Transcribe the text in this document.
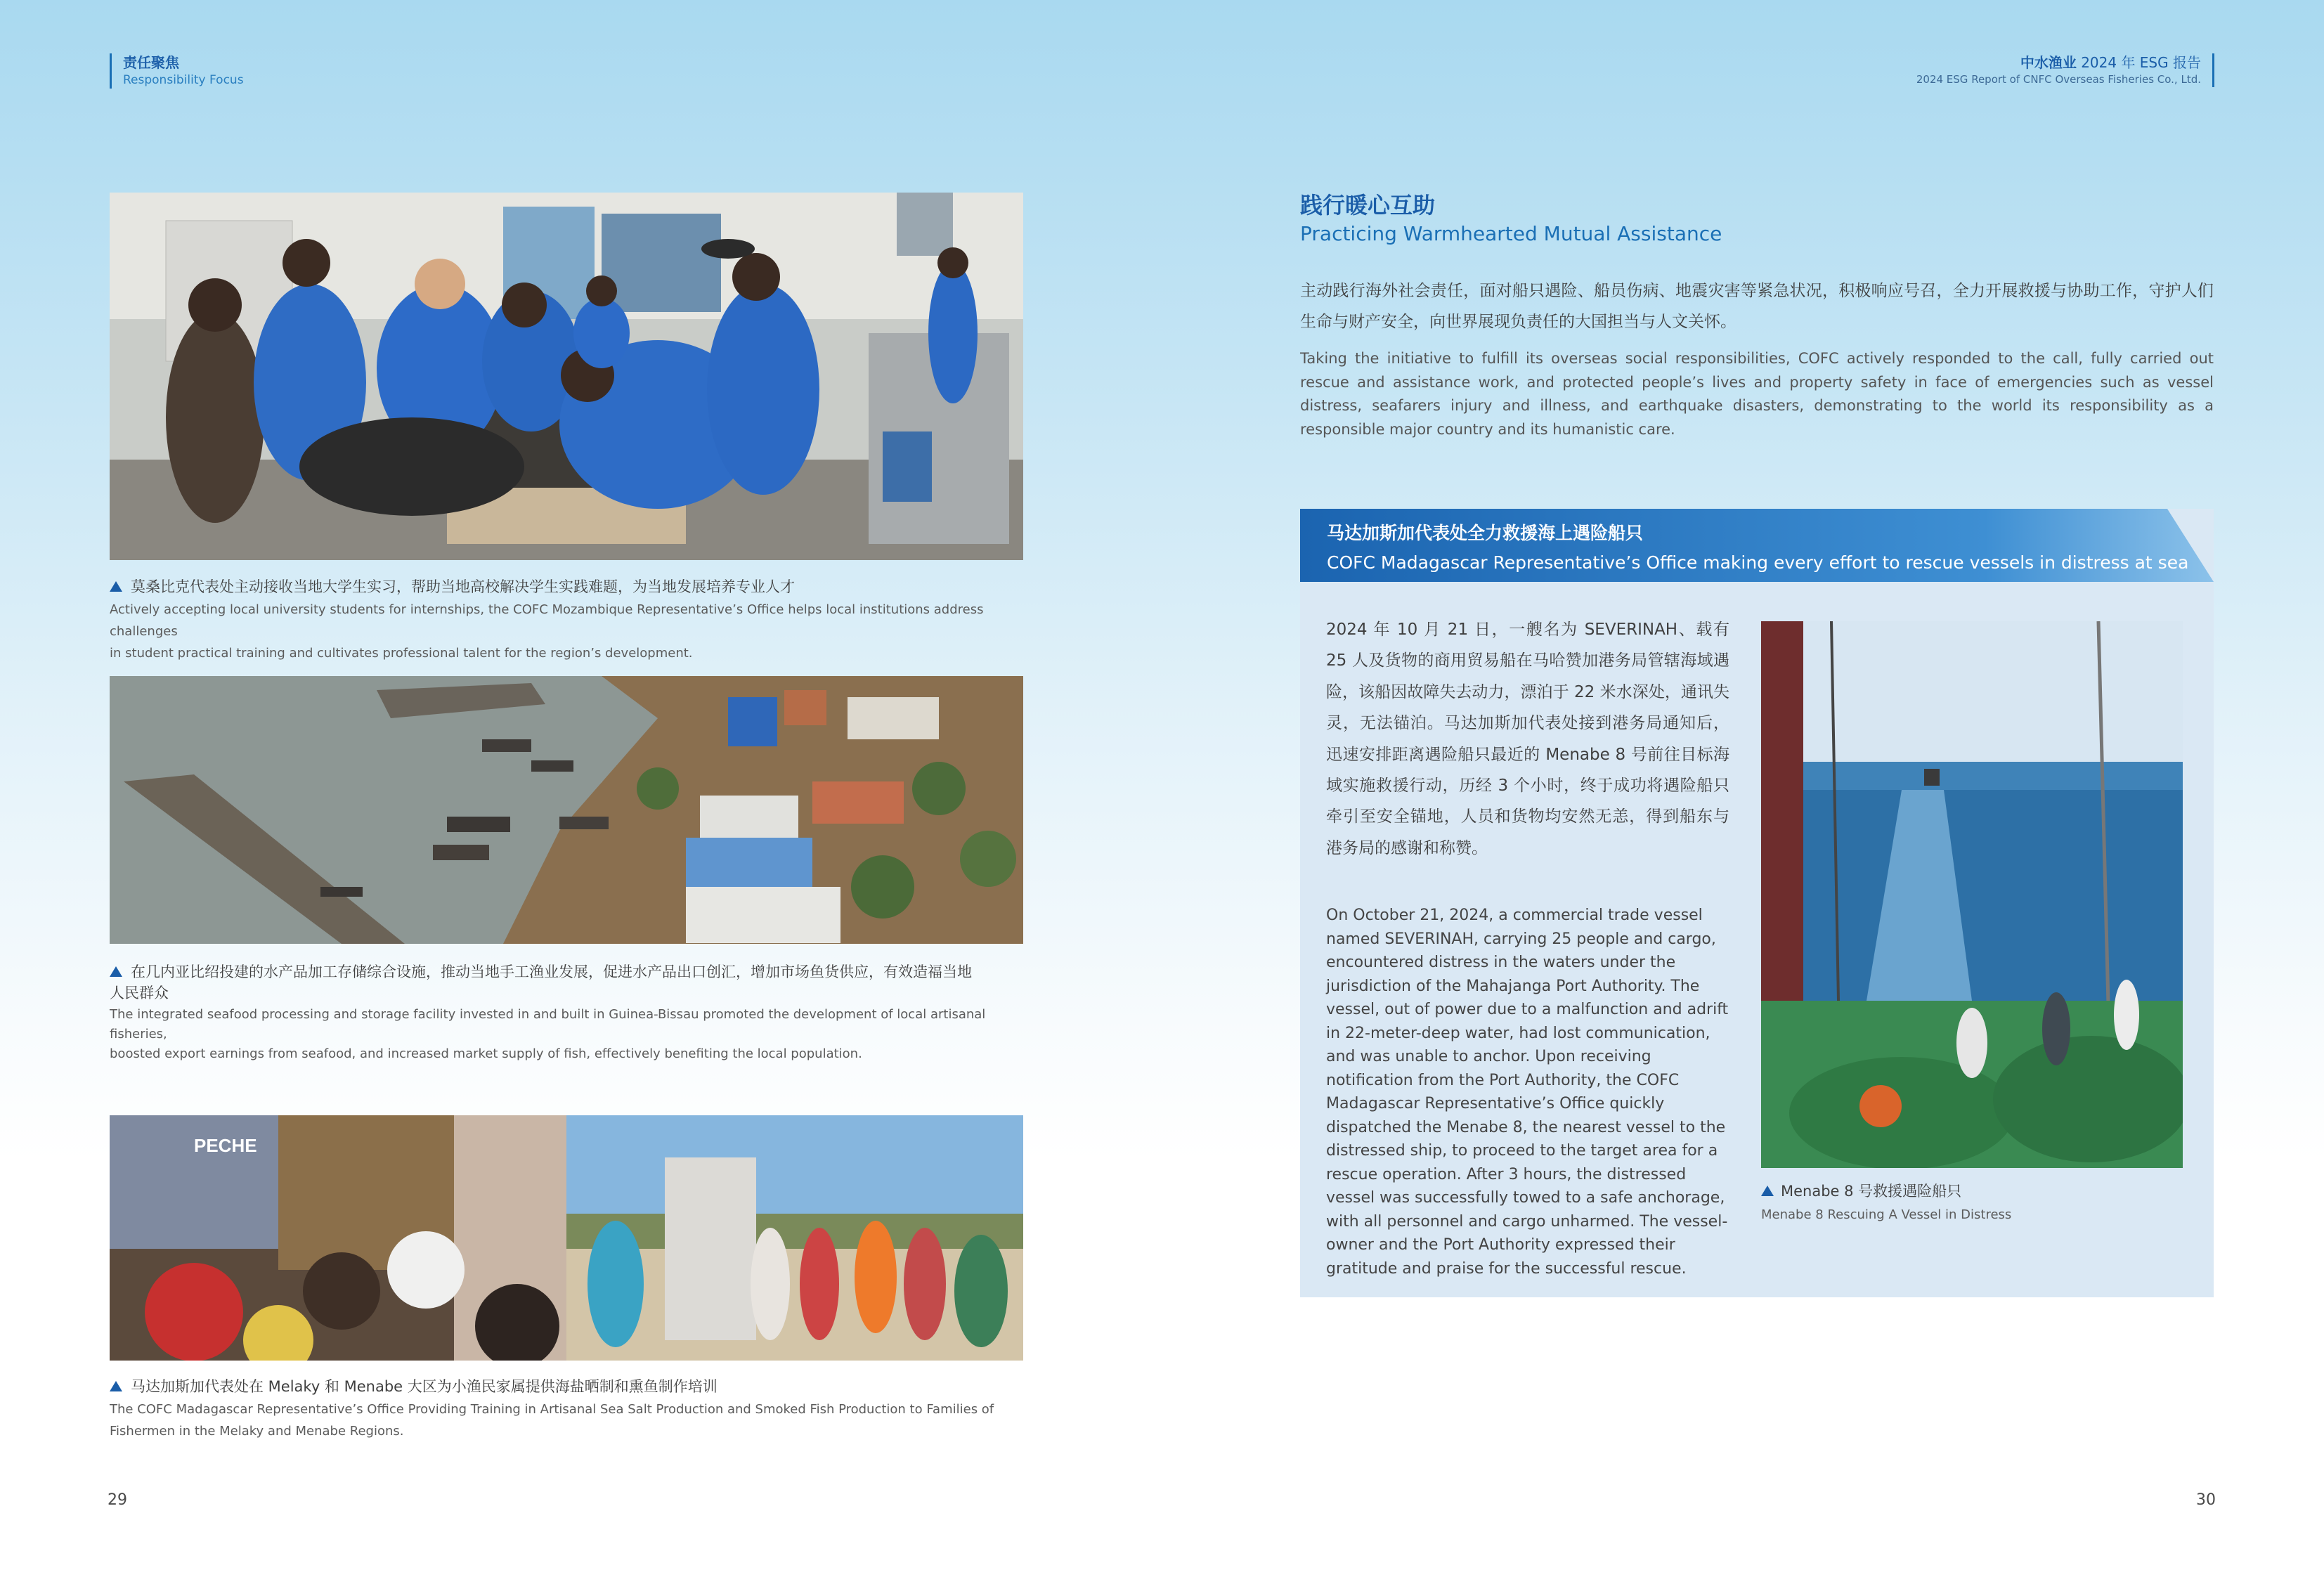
责任聚焦
Responsibility Focus
中水渔业 2024 年 ESG 报告
2024 ESG Report of CNFC Overseas Fisheries Co., Ltd.
莫桑比克代表处主动接收当地大学生实习，帮助当地高校解决学生实践难题，为当地发展培养专业人才
Actively accepting local university students for internships, the COFC Mozambique Representative’s Office helps local institutions address challenges
in student practical training and cultivates professional talent for the region’s development.
在几内亚比绍投建的水产品加工存储综合设施，推动当地手工渔业发展，促进水产品出口创汇，增加市场鱼货供应，有效造福当地
人民群众
The integrated seafood processing and storage facility invested in and built in Guinea-Bissau promoted the development of local artisanal fisheries,
boosted export earnings from seafood, and increased market supply of fish, effectively benefiting the local population.
PECHE
马达加斯加代表处在 Melaky 和 Menabe 大区为小渔民家属提供海盐晒制和熏鱼制作培训
The COFC Madagascar Representative’s Office Providing Training in Artisanal Sea Salt Production and Smoked Fish Production to Families of
Fishermen in the Melaky and Menabe Regions.
践行暖心互助
Practicing Warmhearted Mutual Assistance
主动践行海外社会责任，面对船只遇险、船员伤病、地震灾害等紧急状况，积极响应号召，全力开展救援与协助工作，守护人们生命与财产安全，向世界展现负责任的大国担当与人文关怀。
Taking the initiative to fulfill its overseas social responsibilities, COFC actively responded to the call, fully carried out rescue and assistance work, and protected people’s lives and property safety in face of emergencies such as vessel distress, seafarers injury and illness, and earthquake disasters, demonstrating to the world its responsibility as a responsible major country and its humanistic care.
马达加斯加代表处全力救援海上遇险船只
COFC Madagascar Representative’s Office making every effort to rescue vessels in distress at sea
2024 年 10 月 21 日，一艘名为 SEVERINAH、载有 25 人及货物的商用贸易船在马哈赞加港务局管辖海域遇险，该船因故障失去动力，漂泊于 22 米水深处，通讯失灵，无法锚泊。马达加斯加代表处接到港务局通知后，迅速安排距离遇险船只最近的 Menabe 8 号前往目标海域实施救援行动，历经 3 个小时，终于成功将遇险船只牵引至安全锚地，人员和货物均安然无恙，得到船东与港务局的感谢和称赞。
On October 21, 2024, a commercial trade vessel named SEVERINAH, carrying 25 people and cargo, encountered distress in the waters under the jurisdiction of the Mahajanga Port Authority. The vessel, out of power due to a malfunction and adrift in 22-meter-deep water, had lost communication, and was unable to anchor. Upon receiving notification from the Port Authority, the COFC Madagascar Representative’s Office quickly dispatched the Menabe 8, the nearest vessel to the distressed ship, to proceed to the target area for a rescue operation. After 3 hours, the distressed vessel was successfully towed to a safe anchorage, with all personnel and cargo unharmed. The vessel-owner and the Port Authority expressed their gratitude and praise for the successful rescue.
Menabe 8 号救援遇险船只
Menabe 8 Rescuing A Vessel in Distress
29	30
